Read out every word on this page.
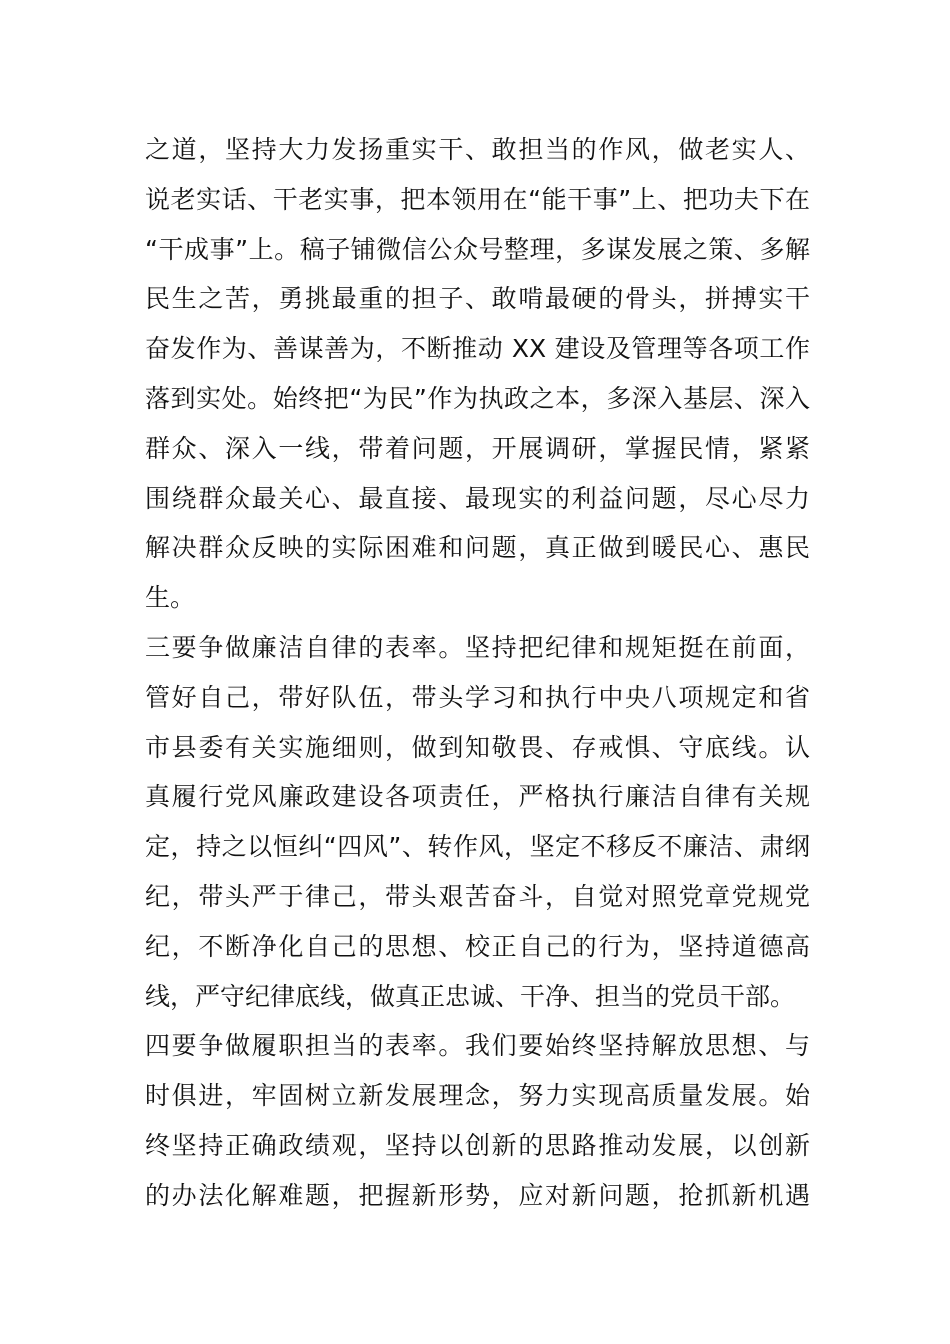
之道，坚持大力发扬重实干、敢担当的作风，做老实人、
说老实话、干老实事，把本领用在“能干事”上、把功夫下在
“干成事”上。稿子铺微信公众号整理，多谋发展之策、多解
民生之苦，勇挑最重的担子、敢啃最硬的骨头，拼搏实干
奋发作为、善谋善为，不断推动 XX 建设及管理等各项工作
落到实处。始终把“为民”作为执政之本，多深入基层、深入
群众、深入一线，带着问题，开展调研，掌握民情，紧紧
围绕群众最关心、最直接、最现实的利益问题，尽心尽力
解决群众反映的实际困难和问题，真正做到暖民心、惠民
生。
三要争做廉洁自律的表率。坚持把纪律和规矩挺在前面，
管好自己，带好队伍，带头学习和执行中央八项规定和省
市县委有关实施细则，做到知敬畏、存戒惧、守底线。认
真履行党风廉政建设各项责任，严格执行廉洁自律有关规
定，持之以恒纠“四风”、转作风，坚定不移反不廉洁、肃纲
纪，带头严于律己，带头艰苦奋斗，自觉对照党章党规党
纪，不断净化自己的思想、校正自己的行为，坚持道德高
线，严守纪律底线，做真正忠诚、干净、担当的党员干部。
四要争做履职担当的表率。我们要始终坚持解放思想、与
时俱进，牢固树立新发展理念，努力实现高质量发展。始
终坚持正确政绩观，坚持以创新的思路推动发展，以创新
的办法化解难题，把握新形势，应对新问题，抢抓新机遇
